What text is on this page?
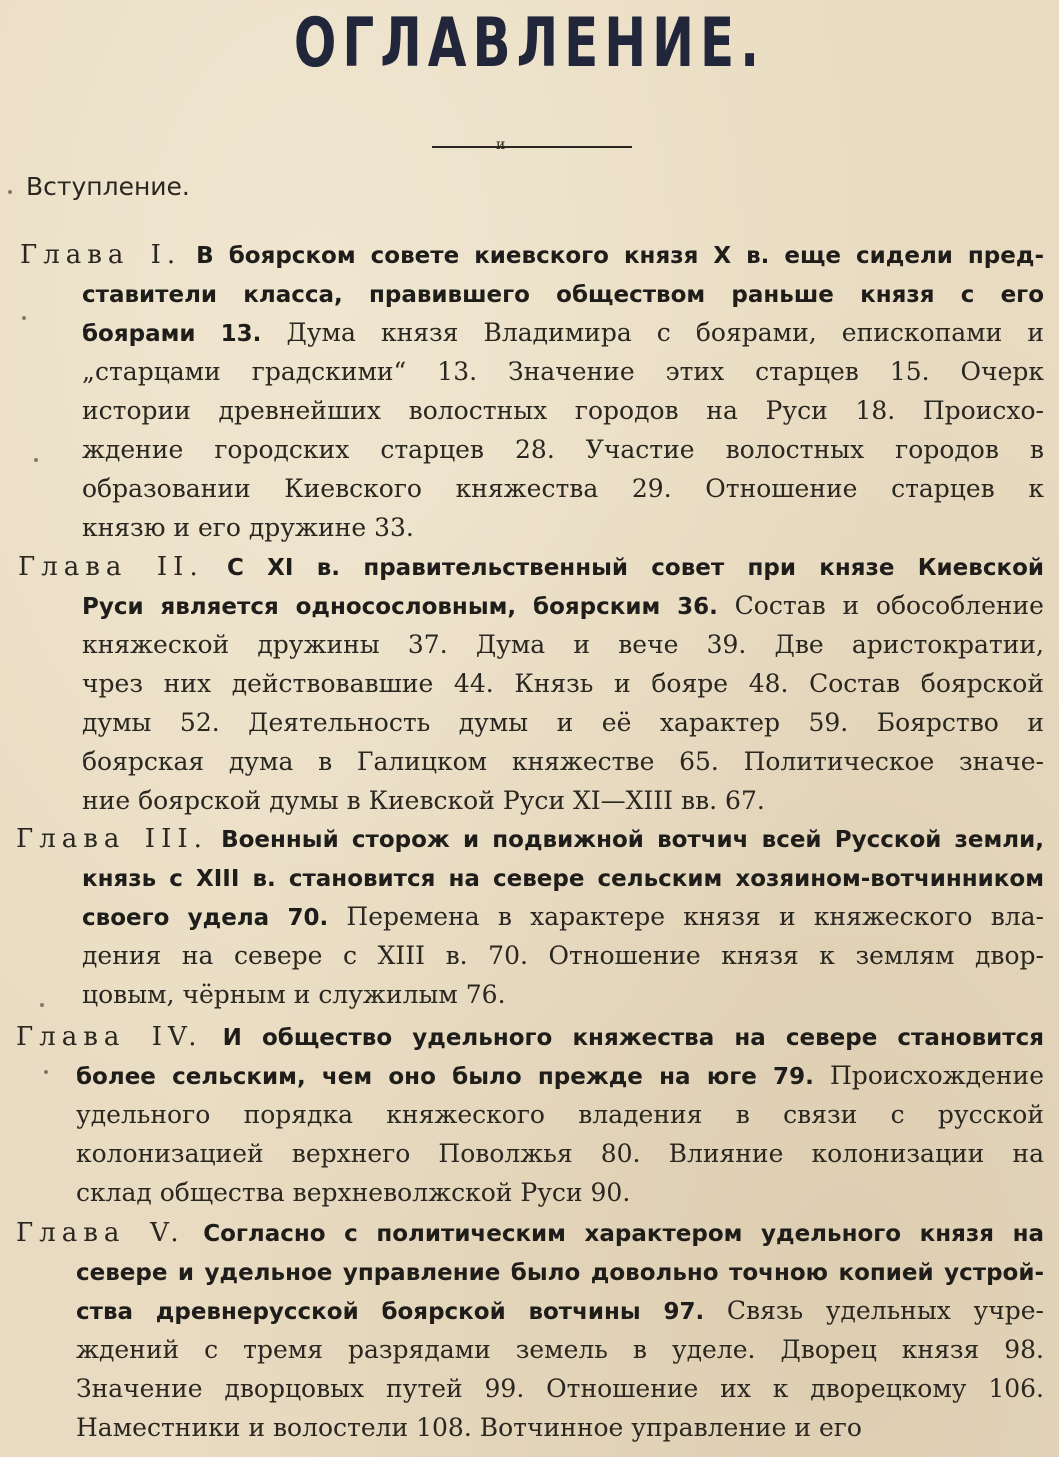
ОГЛАВЛЕНИЕ.
и
Вступление.
Глава I. В боярском совете киевского князя X в. еще сидели пред-
ставители класса, правившего обществом раньше князя с его
боярами 13. Дума князя Владимира с боярами, епископами и
„старцами градскими“ 13. Значение этих старцев 15. Очерк
истории древнейших волостных городов на Руси 18. Происхо-
ждение городских старцев 28. Участие волостных городов в
образовании Киевского княжества 29. Отношение старцев к
князю и его дружине 33.
Глава II. С XI в. правительственный совет при князе Киевской
Руси является односословным, боярским 36. Состав и обособление
княжеской дружины 37. Дума и вече 39. Две аристократии,
чрез них действовавшие 44. Князь и бояре 48. Состав боярской
думы 52. Деятельность думы и её характер 59. Боярство и
боярская дума в Галицком княжестве 65. Политическое значе-
ние боярской думы в Киевской Руси XI—XIII вв. 67.
Глава III. Военный сторож и подвижной вотчич всей Русской земли,
князь с XIII в. становится на севере сельским хозяином-вотчинником
своего удела 70. Перемена в характере князя и княжеского вла-
дения на севере с XIII в. 70. Отношение князя к землям двор-
цовым, чёрным и служилым 76.
Глава IV. И общество удельного княжества на севере становится
более сельским, чем оно было прежде на юге 79. Происхождение
удельного порядка княжеского владения в связи с русской
колонизацией верхнего Поволжья 80. Влияние колонизации на
склад общества верхневолжской Руси 90.
Глава V. Согласно с политическим характером удельного князя на
севере и удельное управление было довольно точною копией устрой-
ства древнерусской боярской вотчины 97. Связь удельных учре-
ждений с тремя разрядами земель в уделе. Дворец князя 98.
Значение дворцовых путей 99. Отношение их к дворецкому 106.
Наместники и волостели 108. Вотчинное управление и его
